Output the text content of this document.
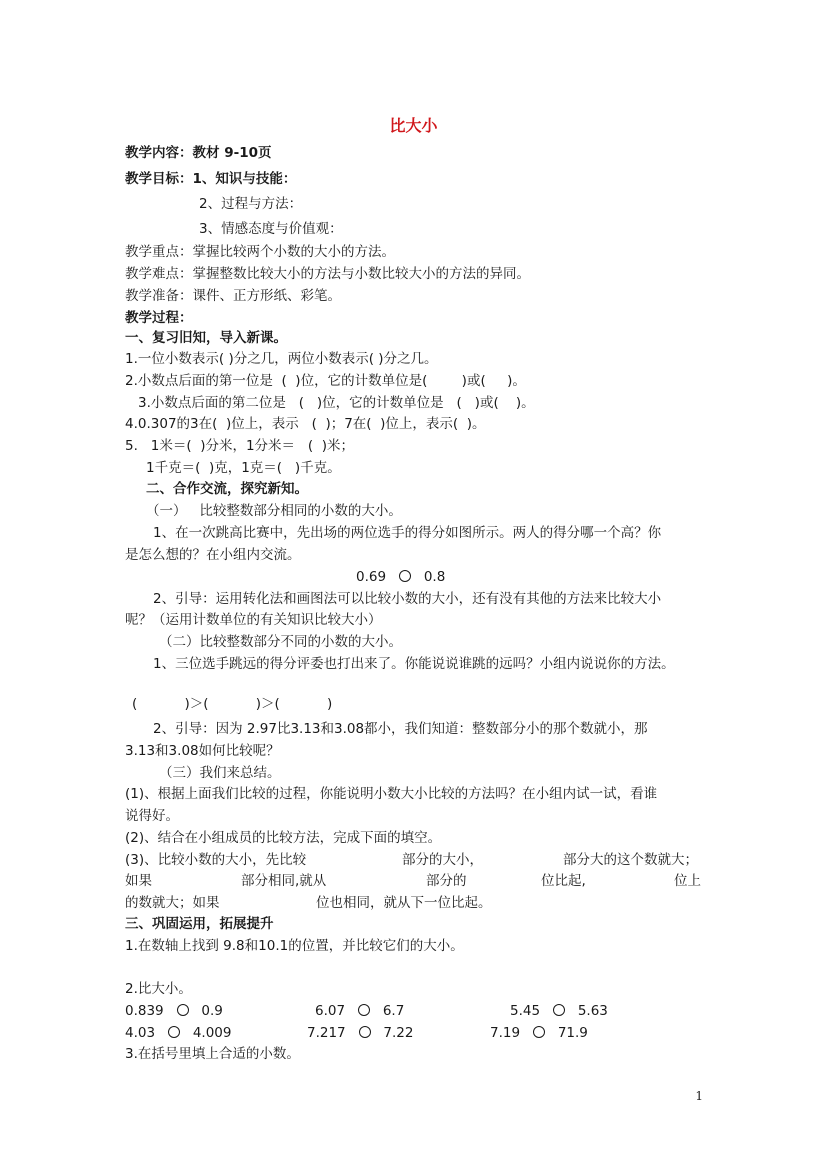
比大小
教学内容：教材 9-10页
教学目标：1、知识与技能：
2、过程与方法：
3、情感态度与价值观：
教学重点：掌握比较两个小数的大小的方法。
教学难点：掌握整数比较大小的方法与小数比较大小的方法的异同。
教学准备：课件、正方形纸、彩笔。
教学过程：
一、复习旧知，导入新课。
1.一位小数表示( )分之几，两位小数表示( )分之几。
2.小数点后面的第一位是  (  )位，它的计数单位是(        )或(     )。
3.小数点后面的第二位是   (   )位，它的计数单位是   (   )或(    )。
4.0.307的3在(  )位上，表示   (  )；7在(  )位上，表示(  )。
5.   1米＝(  )分米，1分米＝   (  )米；
1千克＝(  )克，1克＝(   )千克。
二、合作交流，探究新知。
（一）   比较整数部分相同的小数的大小。
1、在一次跳高比赛中，先出场的两位选手的得分如图所示。两人的得分哪一个高？你
是怎么想的？在小组内交流。
0.69	0.8
2、引导：运用转化法和画图法可以比较小数的大小，还有没有其他的方法来比较大小
呢？（运用计数单位的有关知识比较大小）
（二）比较整数部分不同的小数的大小。
1、三位选手跳远的得分评委也打出来了。你能说说谁跳的远吗？小组内说说你的方法。
(           )＞(           )＞(           )
2、引导：因为 2.97比3.13和3.08都小，我们知道：整数部分小的那个数就小，那
3.13和3.08如何比较呢？
（三）我们来总结。
(1)、根据上面我们比较的过程，你能说明小数大小比较的方法吗？在小组内试一试，看谁
说得好。
(2)、结合在小组成员的比较方法，完成下面的填空。
(3)、比较小数的大小，先比较	部分的大小，	部分大的这个数就大；
如果	部分相同,就从	部分的	位比起,	位上
的数就大；如果	位也相同，就从下一位比起。
三、巩固运用，拓展提升
1.在数轴上找到 9.8和10.1的位置，并比较它们的大小。
2.比大小。
0.839	0.9	6.07	6.7	5.45	5.63
4.03	4.009	7.217	7.22	7.19	71.9
3.在括号里填上合适的小数。
1
